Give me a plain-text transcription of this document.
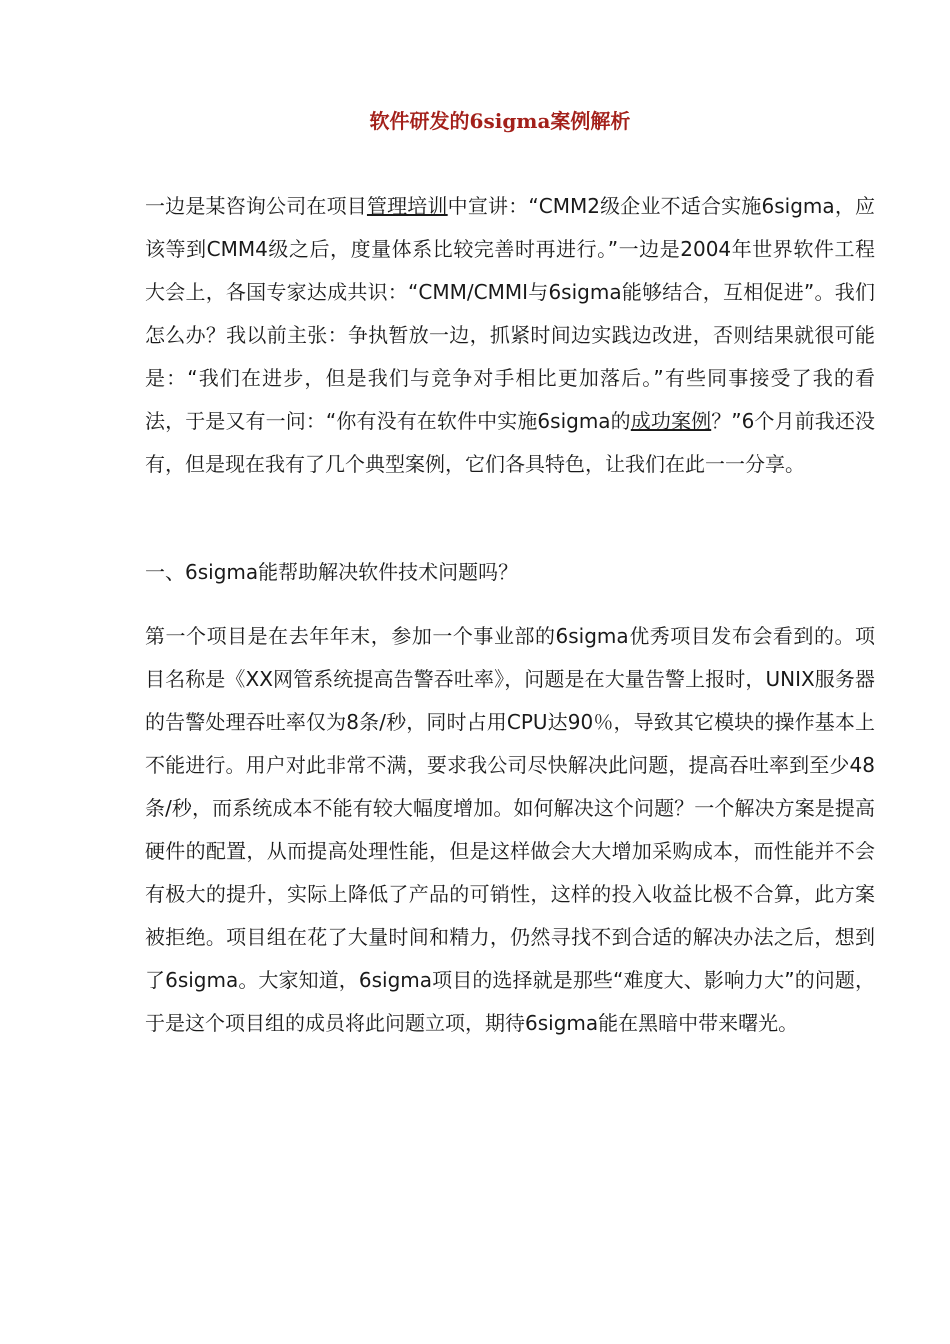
软件研发的6sigma案例解析

一边是某咨询公司在项目管理培训中宣讲：“CMM2级企业不适合实施6sigma，应该等到CMM4级之后，度量体系比较完善时再进行。”一边是2004年世界软件工程大会上，各国专家达成共识：“CMM/CMMI与6sigma能够结合，互相促进”。我们怎么办？我以前主张：争执暂放一边，抓紧时间边实践边改进，否则结果就很可能是：“我们在进步，但是我们与竞争对手相比更加落后。”有些同事接受了我的看法，于是又有一问：“你有没有在软件中实施6sigma的成功案例？”6个月前我还没有，但是现在我有了几个典型案例，它们各具特色，让我们在此一一分享。

一、6sigma能帮助解决软件技术问题吗？

第一个项目是在去年年末，参加一个事业部的6sigma优秀项目发布会看到的。项目名称是《XX网管系统提高告警吞吐率》，问题是在大量告警上报时，UNIX服务器的告警处理吞吐率仅为8条/秒，同时占用CPU达90％，导致其它模块的操作基本上不能进行。用户对此非常不满，要求我公司尽快解决此问题，提高吞吐率到至少48条/秒，而系统成本不能有较大幅度增加。如何解决这个问题？一个解决方案是提高硬件的配置，从而提高处理性能，但是这样做会大大增加采购成本，而性能并不会有极大的提升，实际上降低了产品的可销性，这样的投入收益比极不合算，此方案被拒绝。项目组在花了大量时间和精力，仍然寻找不到合适的解决办法之后，想到了6sigma。大家知道，6sigma项目的选择就是那些“难度大、影响力大”的问题，于是这个项目组的成员将此问题立项，期待6sigma能在黑暗中带来曙光。
